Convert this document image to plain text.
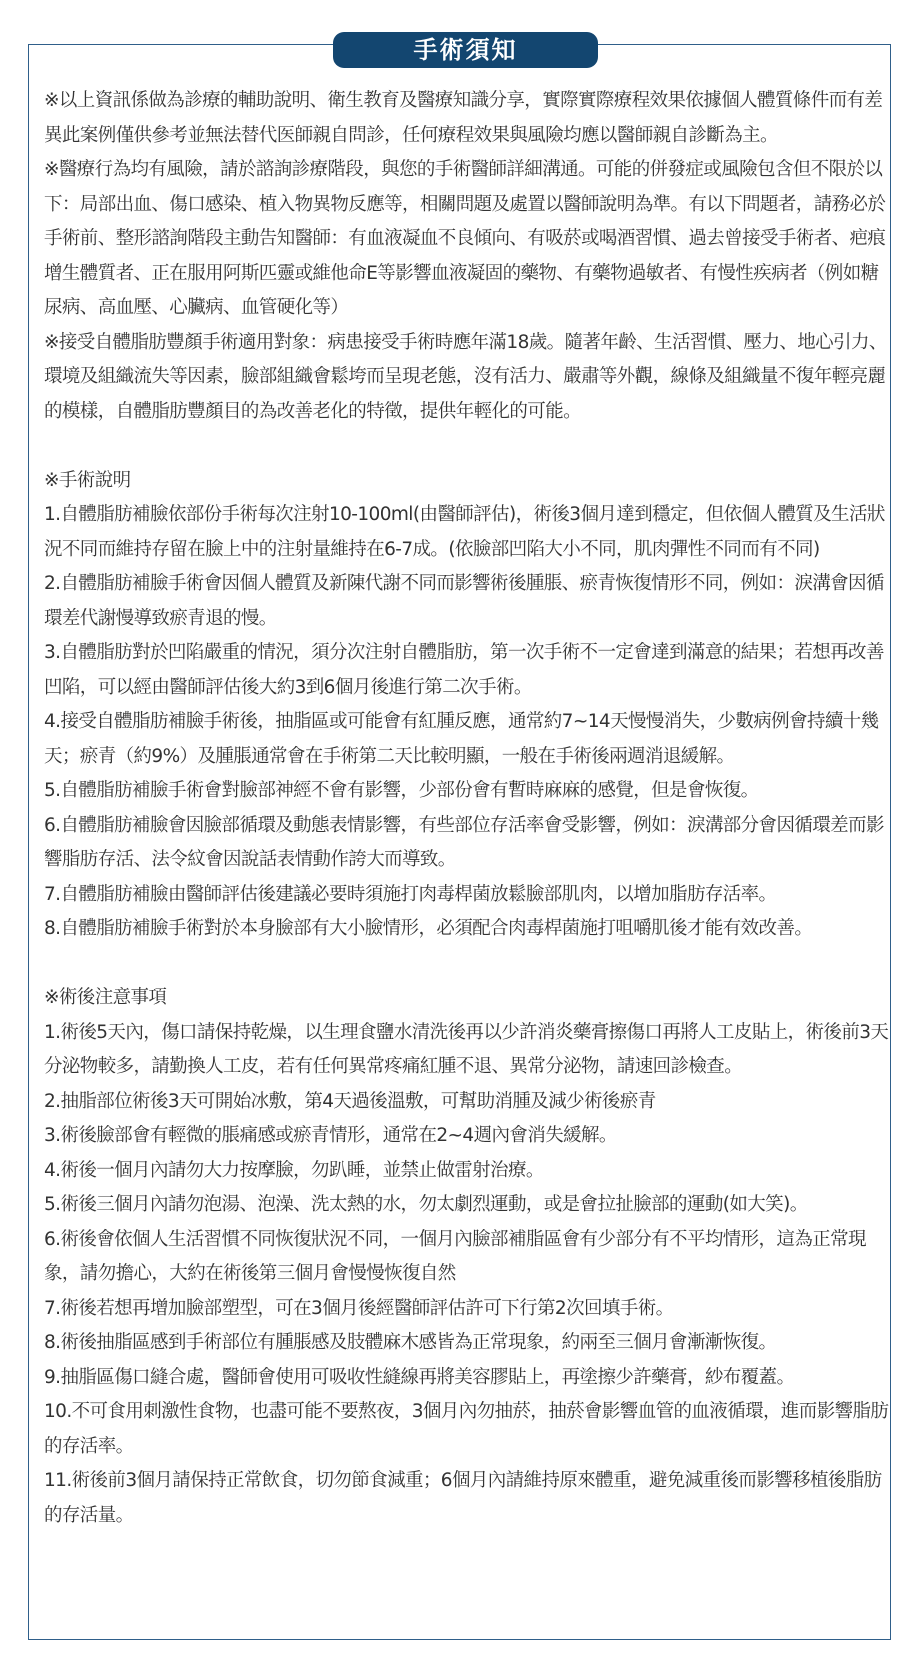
手術須知

※以上資訊係做為診療的輔助說明、衛生教育及醫療知識分享，實際實際療程效果依據個人體質條件而有差異此案例僅供參考並無法替代医師親自問診，任何療程效果與風險均應以醫師親自診斷為主。

※醫療行為均有風險，請於諮詢診療階段，與您的手術醫師詳細溝通。可能的併發症或風險包含但不限於以下：局部出血、傷口感染、植入物異物反應等，相關問題及處置以醫師說明為準。有以下問題者，請務必於手術前、整形諮詢階段主動告知醫師：有血液凝血不良傾向、有吸菸或喝酒習慣、過去曾接受手術者、疤痕增生體質者、正在服用阿斯匹靈或維他命E等影響血液凝固的藥物、有藥物過敏者、有慢性疾病者（例如糖尿病、高血壓、心臟病、血管硬化等）

※接受自體脂肪豐顏手術適用對象：病患接受手術時應年滿18歲。隨著年齡、生活習慣、壓力、地心引力、環境及組織流失等因素，臉部組織會鬆垮而呈現老態，沒有活力、嚴肅等外觀，線條及組織量不復年輕亮麗的模樣，自體脂肪豐顏目的為改善老化的特徵，提供年輕化的可能。

※手術說明

1.自體脂肪補臉依部份手術每次注射10-100ml(由醫師評估)，術後3個月達到穩定，但依個人體質及生活狀況不同而維持存留在臉上中的注射量維持在6-7成。(依臉部凹陷大小不同，肌肉彈性不同而有不同)

2.自體脂肪補臉手術會因個人體質及新陳代謝不同而影響術後腫脹、瘀青恢復情形不同，例如：淚溝會因循環差代謝慢導致瘀青退的慢。

3.自體脂肪對於凹陷嚴重的情況，須分次注射自體脂肪，第一次手術不一定會達到滿意的結果；若想再改善凹陷，可以經由醫師評估後大約3到6個月後進行第二次手術。

4.接受自體脂肪補臉手術後，抽脂區或可能會有紅腫反應，通常約7~14天慢慢消失，少數病例會持續十幾天；瘀青（約9%）及腫脹通常會在手術第二天比較明顯，一般在手術後兩週消退緩解。

5.自體脂肪補臉手術會對臉部神經不會有影響，少部份會有暫時麻麻的感覺，但是會恢復。

6.自體脂肪補臉會因臉部循環及動態表情影響，有些部位存活率會受影響，例如：淚溝部分會因循環差而影響脂肪存活、法令紋會因說話表情動作誇大而導致。

7.自體脂肪補臉由醫師評估後建議必要時須施打肉毒桿菌放鬆臉部肌肉，以增加脂肪存活率。

8.自體脂肪補臉手術對於本身臉部有大小臉情形，必須配合肉毒桿菌施打咀嚼肌後才能有效改善。

※術後注意事項

1.術後5天內，傷口請保持乾燥，以生理食鹽水清洗後再以少許消炎藥膏擦傷口再將人工皮貼上，術後前3天分泌物較多，請勤換人工皮，若有任何異常疼痛紅腫不退、異常分泌物，請速回診檢查。

2.抽脂部位術後3天可開始冰敷，第4天過後溫敷，可幫助消腫及減少術後瘀青

3.術後臉部會有輕微的脹痛感或瘀青情形，通常在2~4週內會消失緩解。

4.術後一個月內請勿大力按摩臉，勿趴睡，並禁止做雷射治療。

5.術後三個月內請勿泡湯、泡澡、洗太熱的水，勿太劇烈運動，或是會拉扯臉部的運動(如大笑)。

6.術後會依個人生活習慣不同恢復狀況不同，一個月內臉部補脂區會有少部分有不平均情形，這為正常現象，請勿擔心，大約在術後第三個月會慢慢恢復自然

7.術後若想再增加臉部塑型，可在3個月後經醫師評估許可下行第2次回填手術。

8.術後抽脂區感到手術部位有腫脹感及肢體麻木感皆為正常現象，約兩至三個月會漸漸恢復。

9.抽脂區傷口縫合處，醫師會使用可吸收性縫線再將美容膠貼上，再塗擦少許藥膏，紗布覆蓋。

10.不可食用刺激性食物，也盡可能不要熬夜，3個月內勿抽菸，抽菸會影響血管的血液循環，進而影響脂肪的存活率。

11.術後前3個月請保持正常飲食，切勿節食減重；6個月內請維持原來體重，避免減重後而影響移植後脂肪的存活量。
